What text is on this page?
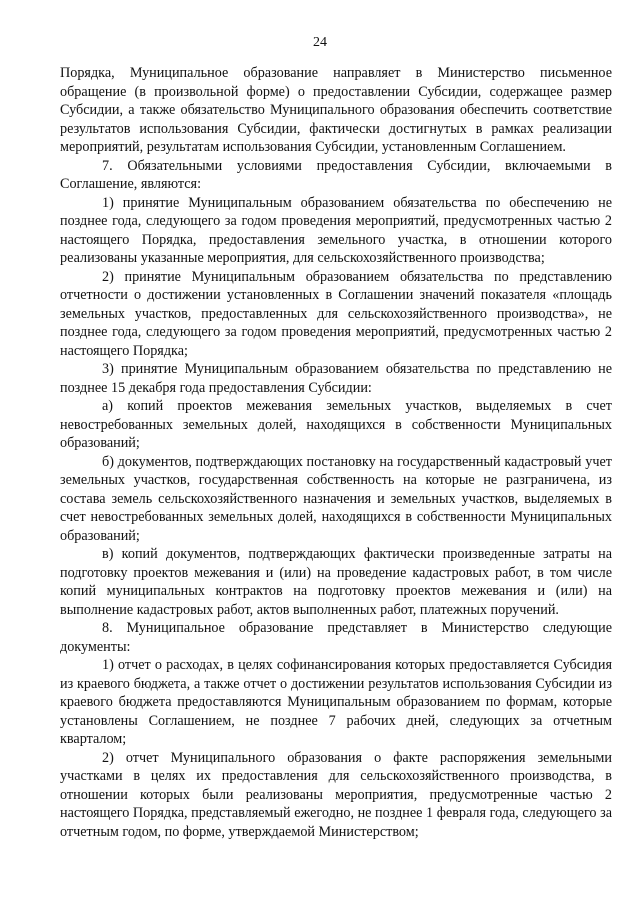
24

Порядка, Муниципальное образование направляет в Министерство письменное обращение (в произвольной форме) о предоставлении Субсидии, содержащее размер Субсидии, а также обязательство Муниципального образования обеспечить соответствие результатов использования Субсидии, фактически достигнутых в рамках реализации мероприятий, результатам использования Субсидии, установленным Соглашением.

7. Обязательными условиями предоставления Субсидии, включаемыми в Соглашение, являются:

1) принятие Муниципальным образованием обязательства по обеспечению не позднее года, следующего за годом проведения мероприятий, предусмотренных частью 2 настоящего Порядка, предоставления земельного участка, в отношении которого реализованы указанные мероприятия, для сельскохозяйственного производства;

2) принятие Муниципальным образованием обязательства по представлению отчетности о достижении установленных в Соглашении значений показателя «площадь земельных участков, предоставленных для сельскохозяйственного производства», не позднее года, следующего за годом проведения мероприятий, предусмотренных частью 2 настоящего Порядка;

3) принятие Муниципальным образованием обязательства по представлению не позднее 15 декабря года предоставления Субсидии:

а) копий проектов межевания земельных участков, выделяемых в счет невостребованных земельных долей, находящихся в собственности Муниципальных образований;

б) документов, подтверждающих постановку на государственный кадастровый учет земельных участков, государственная собственность на которые не разграничена, из состава земель сельскохозяйственного назначения и земельных участков, выделяемых в счет невостребованных земельных долей, находящихся в собственности Муниципальных образований;

в) копий документов, подтверждающих фактически произведенные затраты на подготовку проектов межевания и (или) на проведение кадастровых работ, в том числе копий муниципальных контрактов на подготовку проектов межевания и (или) на выполнение кадастровых работ, актов выполненных работ, платежных поручений.

8. Муниципальное образование представляет в Министерство следующие документы:

1) отчет о расходах, в целях софинансирования которых предоставляется Субсидия из краевого бюджета, а также отчет о достижении результатов использования Субсидии из краевого бюджета предоставляются Муниципальным образованием по формам, которые установлены Соглашением, не позднее 7 рабочих дней, следующих за отчетным кварталом;

2) отчет Муниципального образования о факте распоряжения земельными участками в целях их предоставления для сельскохозяйственного производства, в отношении которых были реализованы мероприятия, предусмотренные частью 2 настоящего Порядка, представляемый ежегодно, не позднее 1 февраля года, следующего за отчетным годом, по форме, утверждаемой Министерством;
